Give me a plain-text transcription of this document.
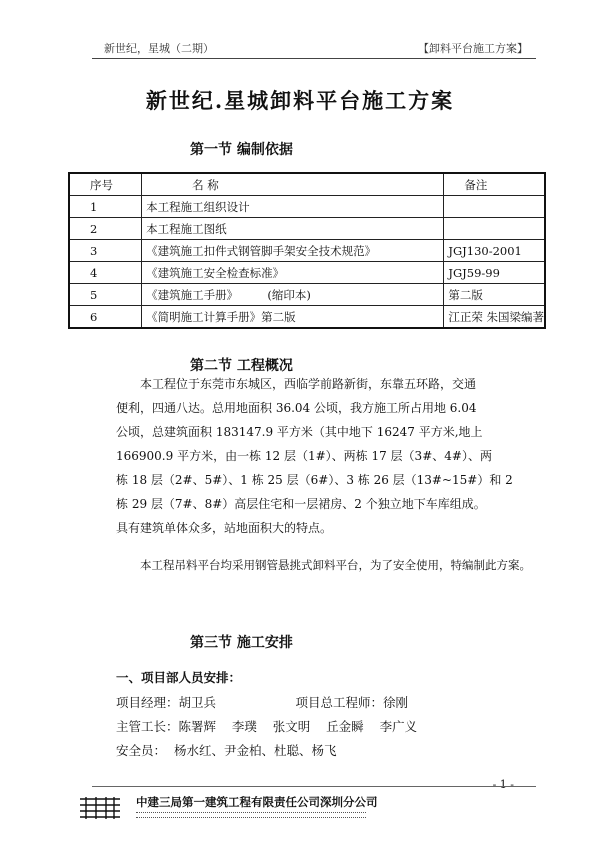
新世纪，星城（二期）	【卸料平台施工方案】
新世纪.星城卸料平台施工方案
第一节 编制依据
序号	名 称	备注
1	本工程施工组织设计	
2	本工程施工图纸	
3	《建筑施工扣件式钢管脚手架安全技术规范》	JGJ130-2001
4	《建筑施工安全检查标准》	JGJ59-99
5	《建筑施工手册》        (缩印本)	第二版
6	《简明施工计算手册》第二版	江正荣 朱国梁编著
第二节 工程概况
本工程位于东莞市东城区，西临学前路新街，东靠五环路，交通
便利，四通八达。总用地面积 36.04 公顷，我方施工所占用地 6.04
公顷，总建筑面积 183147.9 平方米（其中地下 16247 平方米,地上
166900.9 平方米，由一栋 12 层（1#）、两栋 17 层（3#、4#）、两
栋 18 层（2#、5#）、1 栋 25 层（6#）、3 栋 26 层（13#~15#）和 2
栋 29 层（7#、8#）高层住宅和一层裙房、2 个独立地下车库组成。
具有建筑单体众多，站地面积大的特点。
本工程吊料平台均采用钢管悬挑式卸料平台，为了安全使用，特编制此方案。
第三节 施工安排
一、项目部人员安排：
项目经理：胡卫兵                    项目总工程师：徐刚
主管工长：陈署辉    李璞    张文明    丘金瞬    李广义
安全员：  杨水红、尹金柏、杜聪、杨飞
- 1 -
中建三局第一建筑工程有限责任公司深圳分公司
